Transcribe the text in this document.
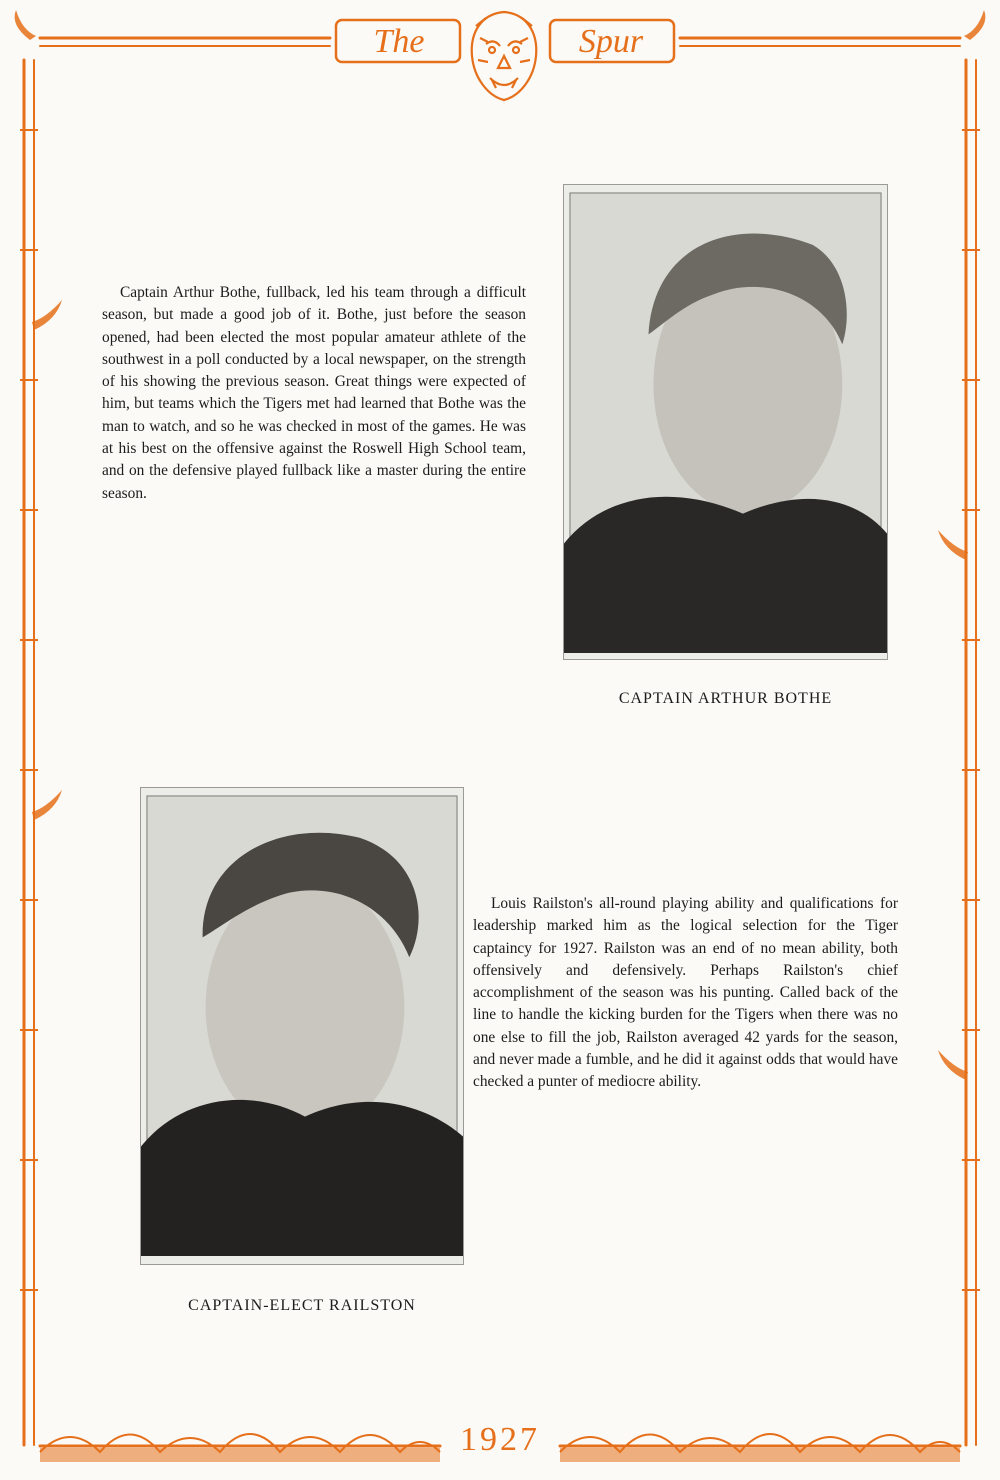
The	Spur

Captain Arthur Bothe, fullback, led his team through a difficult season, but made a good job of it. Bothe, just before the season opened, had been elected the most popular amateur athlete of the southwest in a poll conducted by a local newspaper, on the strength of his showing the previous season. Great things were expected of him, but teams which the Tigers met had learned that Bothe was the man to watch, and so he was checked in most of the games. He was at his best on the offensive against the Roswell High School team, and on the defensive played fullback like a master during the entire season.

CAPTAIN ARTHUR BOTHE
CAPTAIN-ELECT RAILSTON

Louis Railston's all-round playing ability and qualifications for leadership marked him as the logical selection for the Tiger captaincy for 1927. Railston was an end of no mean ability, both offensively and defensively. Perhaps Railston's chief accomplishment of the season was his punting. Called back of the line to handle the kicking burden for the Tigers when there was no one else to fill the job, Railston averaged 42 yards for the season, and never made a fumble, and he did it against odds that would have checked a punter of mediocre ability.

1927
